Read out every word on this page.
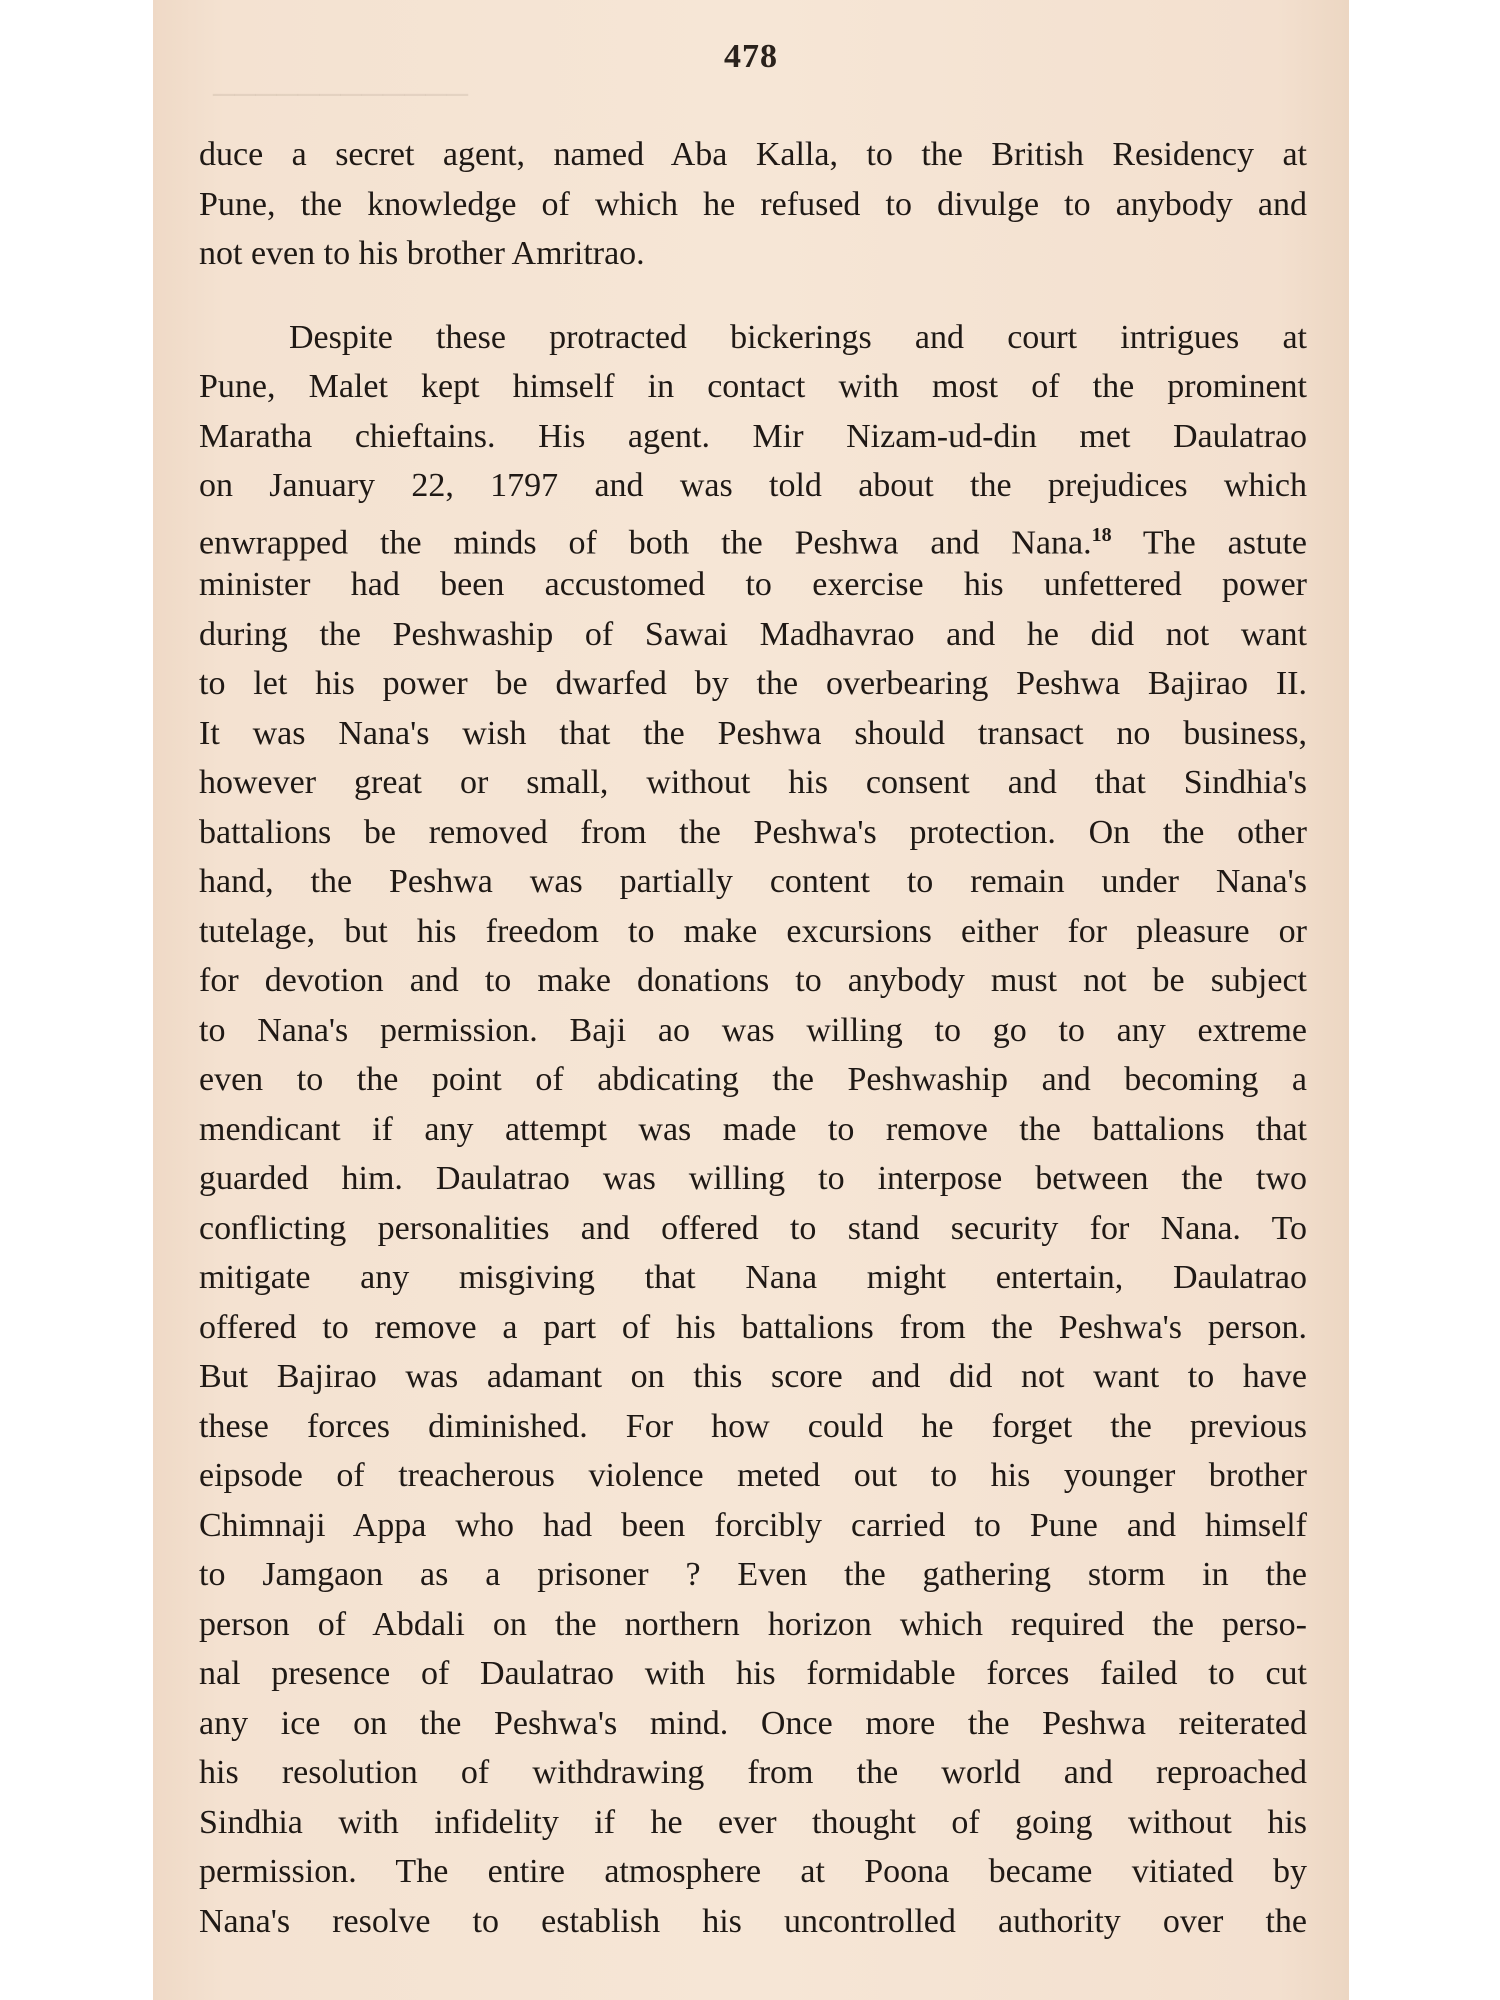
────────────
478
duce a secret agent, named Aba Kalla, to the British Residency at
Pune, the knowledge of which he refused to divulge to anybody and
not even to his brother Amritrao.
Despite these protracted bickerings and court intrigues at
Pune, Malet kept himself in contact with most of the prominent
Maratha chieftains. His agent. Mir Nizam-ud-din met Daulatrao
on January 22, 1797 and was told about the prejudices which
enwrapped the minds of both the Peshwa and Nana.$^{18}$ The astute
minister had been accustomed to exercise his unfettered power
during the Peshwaship of Sawai Madhavrao and he did not want
to let his power be dwarfed by the overbearing Peshwa Bajirao II.
It was Nana's wish that the Peshwa should transact no business,
however great or small, without his consent and that Sindhia's
battalions be removed from the Peshwa's protection. On the other
hand, the Peshwa was partially content to remain under Nana's
tutelage, but his freedom to make excursions either for pleasure or
for devotion and to make donations to anybody must not be subject
to Nana's permission. Baji ao was willing to go to any extreme
even to the point of abdicating the Peshwaship and becoming a
mendicant if any attempt was made to remove the battalions that
guarded him. Daulatrao was willing to interpose between the two
conflicting personalities and offered to stand security for Nana. To
mitigate any misgiving that Nana might entertain, Daulatrao
offered to remove a part of his battalions from the Peshwa's person.
But Bajirao was adamant on this score and did not want to have
these forces diminished. For how could he forget the previous
eipsode of treacherous violence meted out to his younger brother
Chimnaji Appa who had been forcibly carried to Pune and himself
to Jamgaon as a prisoner ? Even the gathering storm in the
person of Abdali on the northern horizon which required the perso-
nal presence of Daulatrao with his formidable forces failed to cut
any ice on the Peshwa's mind. Once more the Peshwa reiterated
his resolution of withdrawing from the world and reproached
Sindhia with infidelity if he ever thought of going without his
permission. The entire atmosphere at Poona became vitiated by
Nana's resolve to establish his uncontrolled authority over the
